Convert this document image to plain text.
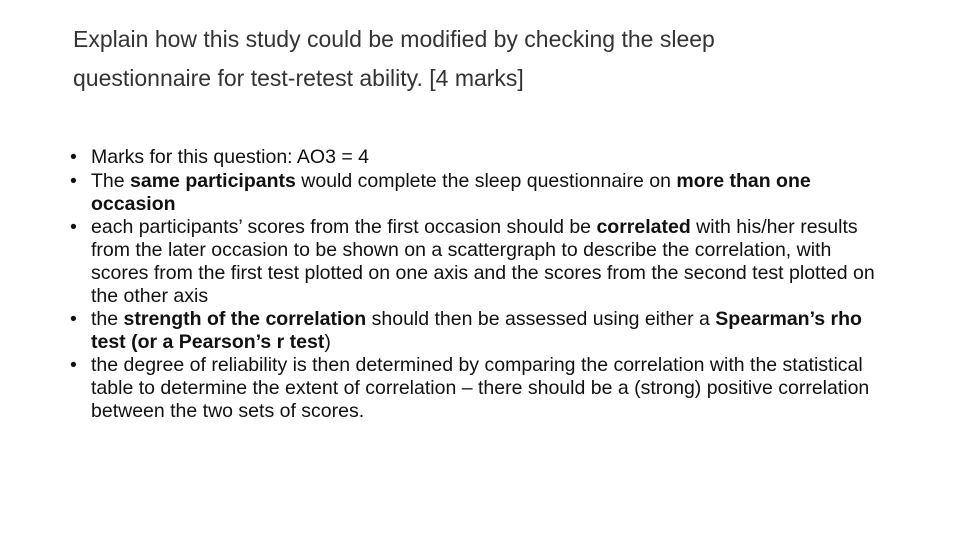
Explain how this study could be modified by checking the sleep
questionnaire for test-retest ability. [4 marks]
• Marks for this question: AO3 = 4
• The same participants would complete the sleep questionnaire on more than one occasion
• each participants’ scores from the first occasion should be correlated with his/her results from the later occasion to be shown on a scattergraph to describe the correlation, with scores from the first test plotted on one axis and the scores from the second test plotted on the other axis
• the strength of the correlation should then be assessed using either a Spearman’s rho test (or a Pearson’s r test)
• the degree of reliability is then determined by comparing the correlation with the statistical table to determine the extent of correlation – there should be a (strong) positive correlation between the two sets of scores.
